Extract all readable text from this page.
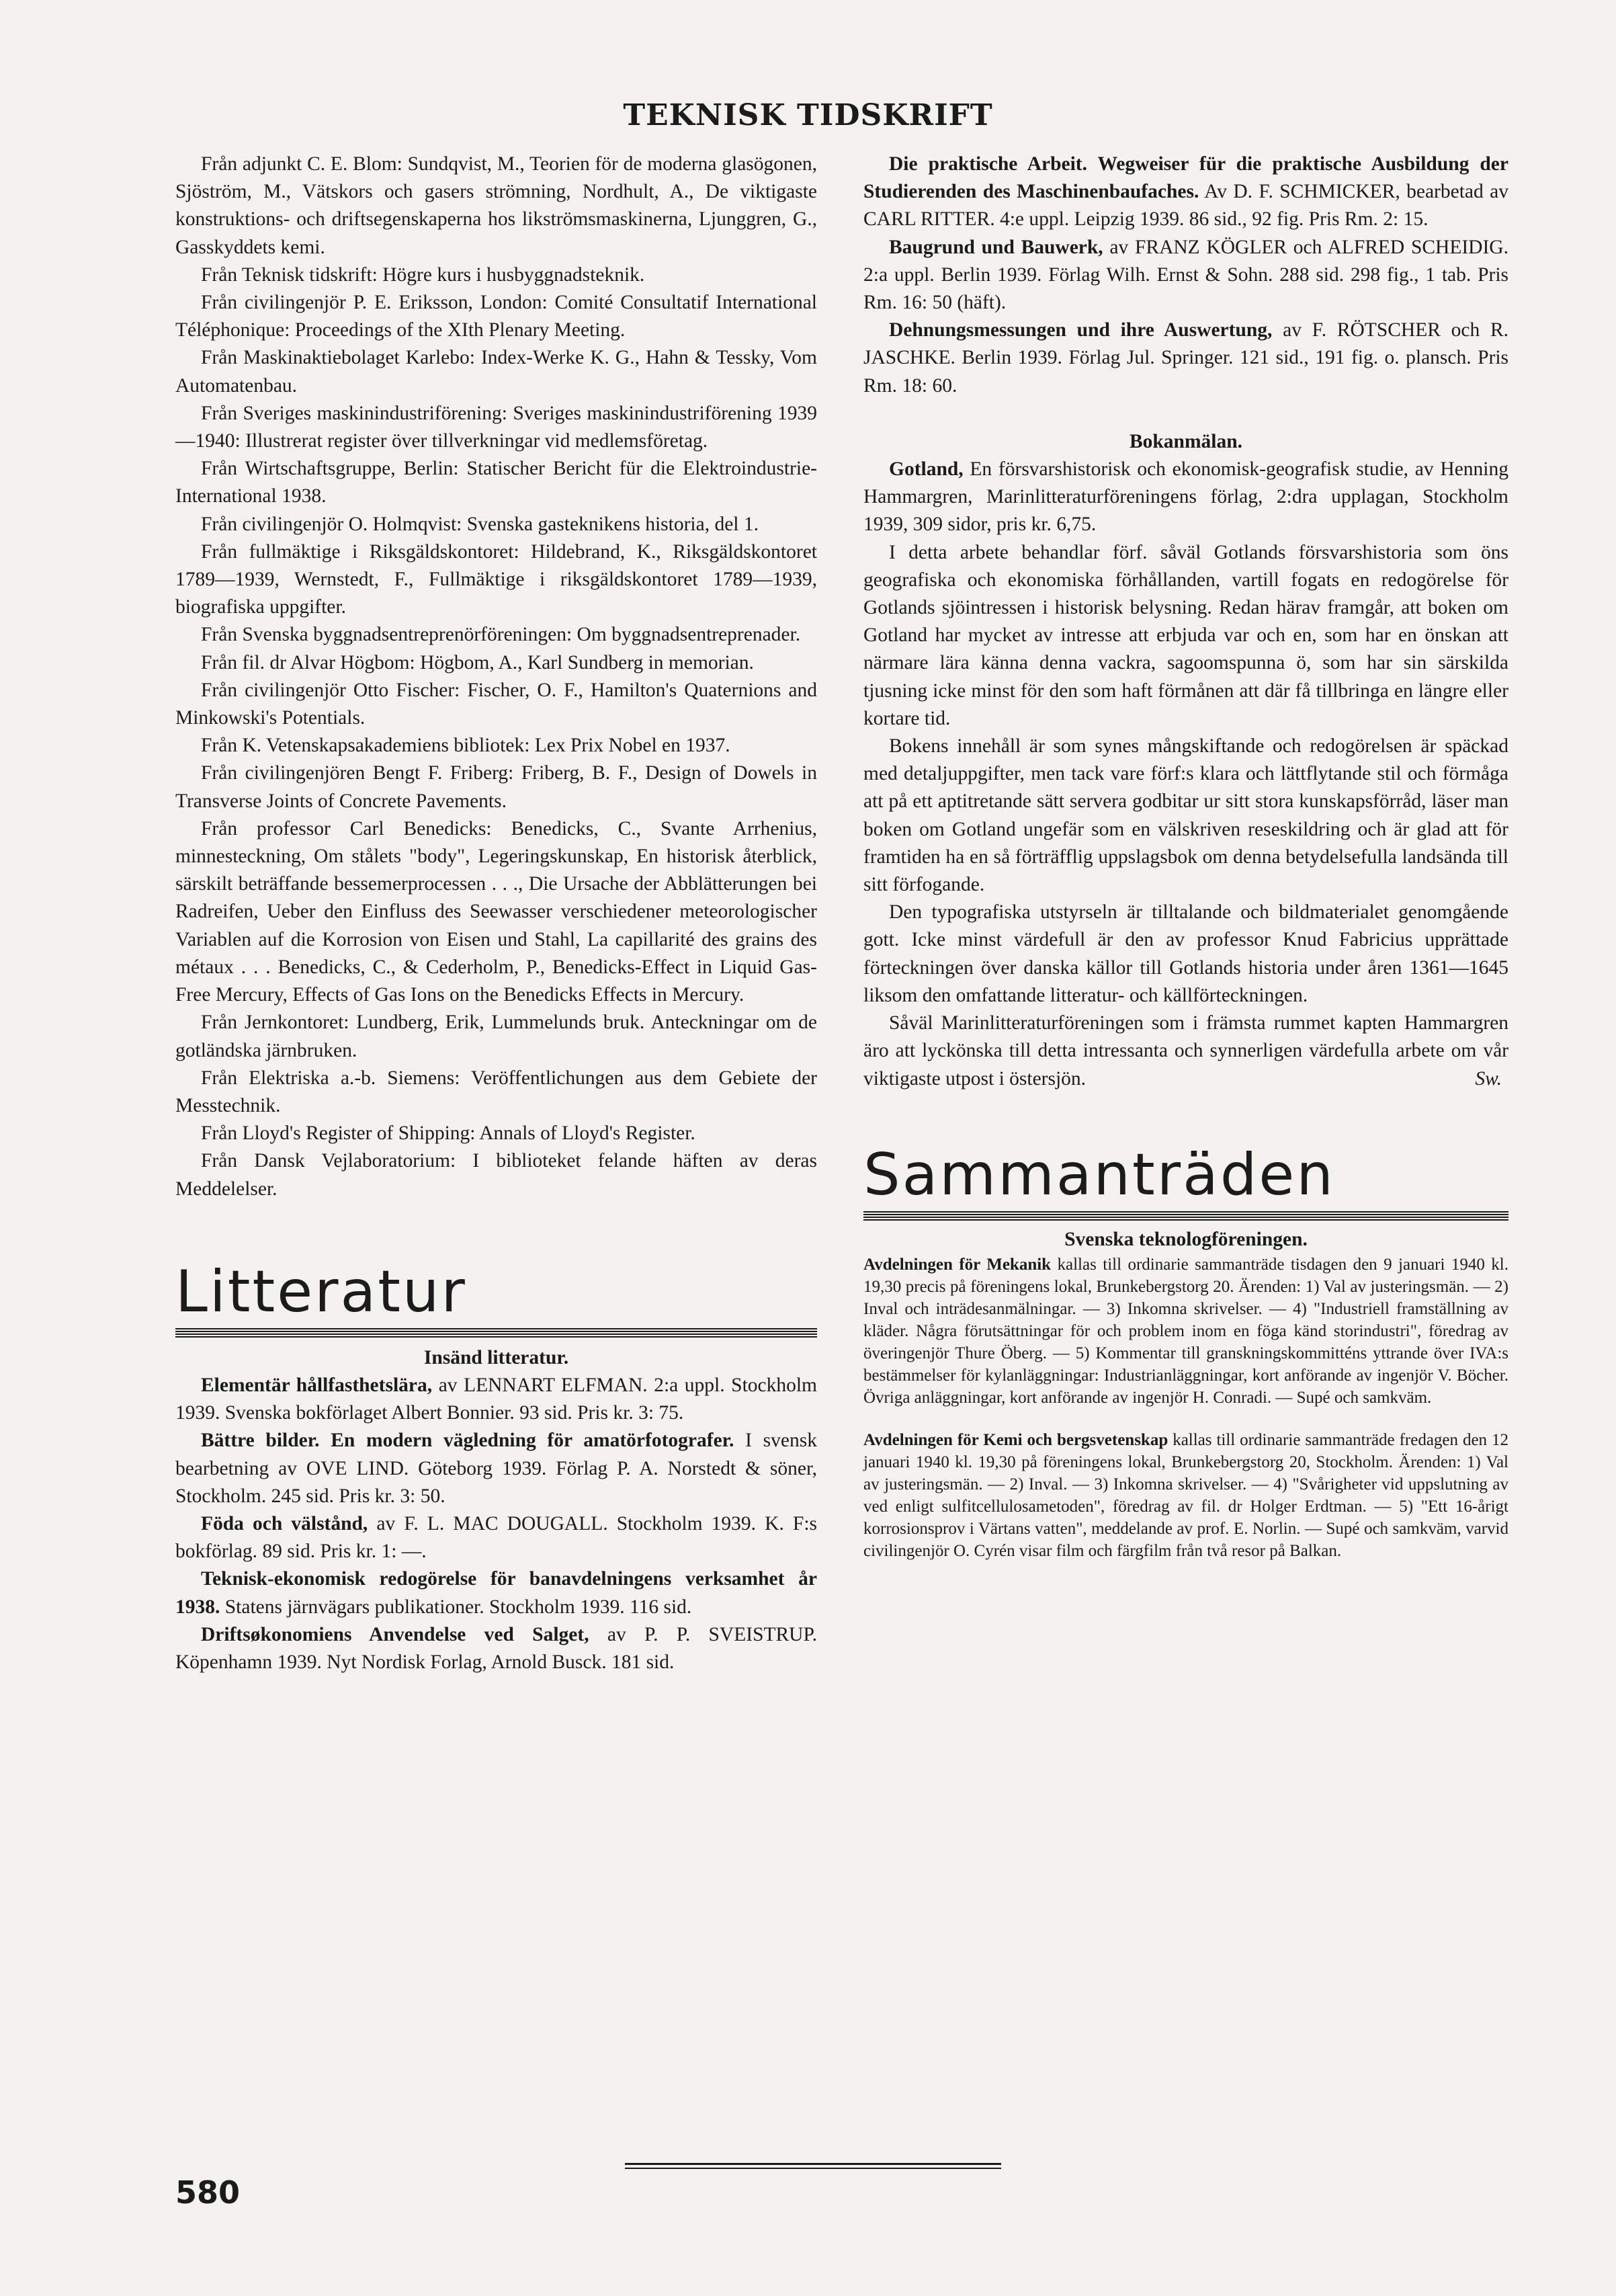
TEKNISK TIDSKRIFT

Från adjunkt C. E. Blom: Sundqvist, M., Teorien för de moderna glasögonen, Sjöström, M., Vätskors och gasers strömning, Nordhult, A., De viktigaste konstruktions- och driftsegenskaperna hos likströmsmaskinerna, Ljunggren, G., Gasskyddets kemi.

Från Teknisk tidskrift: Högre kurs i husbyggnadsteknik.

Från civilingenjör P. E. Eriksson, London: Comité Consultatif International Téléphonique: Proceedings of the XIth Plenary Meeting.

Från Maskinaktiebolaget Karlebo: Index-Werke K. G., Hahn & Tessky, Vom Automatenbau.

Från Sveriges maskinindustriförening: Sveriges maskinindustriförening 1939—1940: Illustrerat register över tillverkningar vid medlemsföretag.

Från Wirtschaftsgruppe, Berlin: Statischer Bericht für die Elektroindustrie-International 1938.

Från civilingenjör O. Holmqvist: Svenska gasteknikens historia, del 1.

Från fullmäktige i Riksgäldskontoret: Hildebrand, K., Riksgäldskontoret 1789—1939, Wernstedt, F., Fullmäktige i riksgäldskontoret 1789—1939, biografiska uppgifter.

Från Svenska byggnadsentreprenörföreningen: Om byggnadsentreprenader.

Från fil. dr Alvar Högbom: Högbom, A., Karl Sundberg in memorian.

Från civilingenjör Otto Fischer: Fischer, O. F., Hamilton's Quaternions and Minkowski's Potentials.

Från K. Vetenskapsakademiens bibliotek: Lex Prix Nobel en 1937.

Från civilingenjören Bengt F. Friberg: Friberg, B. F., Design of Dowels in Transverse Joints of Concrete Pavements.

Från professor Carl Benedicks: Benedicks, C., Svante Arrhenius, minnesteckning, Om stålets "body", Legeringskunskap, En historisk återblick, särskilt beträffande bessemerprocessen . . ., Die Ursache der Abblätterungen bei Radreifen, Ueber den Einfluss des Seewasser verschiedener meteorologischer Variablen auf die Korrosion von Eisen und Stahl, La capillarité des grains des métaux . . . Benedicks, C., & Cederholm, P., Benedicks-Effect in Liquid Gas-Free Mercury, Effects of Gas Ions on the Benedicks Effects in Mercury.

Från Jernkontoret: Lundberg, Erik, Lummelunds bruk. Anteckningar om de gotländska järnbruken.

Från Elektriska a.-b. Siemens: Veröffentlichungen aus dem Gebiete der Messtechnik.

Från Lloyd's Register of Shipping: Annals of Lloyd's Register.

Från Dansk Vejlaboratorium: I biblioteket felande häften av deras Meddelelser.

Litteratur

Insänd litteratur.

Elementär hållfasthetslära, av LENNART ELFMAN. 2:a uppl. Stockholm 1939. Svenska bokförlaget Albert Bonnier. 93 sid. Pris kr. 3: 75.

Bättre bilder. En modern vägledning för amatörfotografer. I svensk bearbetning av OVE LIND. Göteborg 1939. Förlag P. A. Norstedt & söner, Stockholm. 245 sid. Pris kr. 3: 50.

Föda och välstånd, av F. L. MAC DOUGALL. Stockholm 1939. K. F:s bokförlag. 89 sid. Pris kr. 1: —.

Teknisk-ekonomisk redogörelse för banavdelningens verksamhet år 1938. Statens järnvägars publikationer. Stockholm 1939. 116 sid.

Driftsøkonomiens Anvendelse ved Salget, av P. P. SVEISTRUP. Köpenhamn 1939. Nyt Nordisk Forlag, Arnold Busck. 181 sid.

Die praktische Arbeit. Wegweiser für die praktische Ausbildung der Studierenden des Maschinenbaufaches. Av D. F. SCHMICKER, bearbetad av CARL RITTER. 4:e uppl. Leipzig 1939. 86 sid., 92 fig. Pris Rm. 2: 15.

Baugrund und Bauwerk, av FRANZ KÖGLER och ALFRED SCHEIDIG. 2:a uppl. Berlin 1939. Förlag Wilh. Ernst & Sohn. 288 sid. 298 fig., 1 tab. Pris Rm. 16: 50 (häft).

Dehnungsmessungen und ihre Auswertung, av F. RÖTSCHER och R. JASCHKE. Berlin 1939. Förlag Jul. Springer. 121 sid., 191 fig. o. plansch. Pris Rm. 18: 60.

Bokanmälan.

Gotland, En försvarshistorisk och ekonomisk-geografisk studie, av Henning Hammargren, Marinlitteraturföreningens förlag, 2:dra upplagan, Stockholm 1939, 309 sidor, pris kr. 6,75.

I detta arbete behandlar förf. såväl Gotlands försvarshistoria som öns geografiska och ekonomiska förhållanden, vartill fogats en redogörelse för Gotlands sjöintressen i historisk belysning. Redan härav framgår, att boken om Gotland har mycket av intresse att erbjuda var och en, som har en önskan att närmare lära känna denna vackra, sagoomspunna ö, som har sin särskilda tjusning icke minst för den som haft förmånen att där få tillbringa en längre eller kortare tid.

Bokens innehåll är som synes mångskiftande och redogörelsen är späckad med detaljuppgifter, men tack vare förf:s klara och lättflytande stil och förmåga att på ett aptitretande sätt servera godbitar ur sitt stora kunskapsförråd, läser man boken om Gotland ungefär som en välskriven reseskildring och är glad att för framtiden ha en så förträfflig uppslagsbok om denna betydelsefulla landsända till sitt förfogande.

Den typografiska utstyrseln är tilltalande och bildmaterialet genomgående gott. Icke minst värdefull är den av professor Knud Fabricius upprättade förteckningen över danska källor till Gotlands historia under åren 1361—1645 liksom den omfattande litteratur- och källförteckningen.

Såväl Marinlitteraturföreningen som i främsta rummet kapten Hammargren äro att lyckönska till detta intressanta och synnerligen värdefulla arbete om vår viktigaste utpost i östersjön.	Sw.

Sammanträden

Svenska teknologföreningen.

Avdelningen för Mekanik kallas till ordinarie sammanträde tisdagen den 9 januari 1940 kl. 19,30 precis på föreningens lokal, Brunkebergstorg 20. Ärenden: 1) Val av justeringsmän. — 2) Inval och inträdesanmälningar. — 3) Inkomna skrivelser. — 4) "Industriell framställning av kläder. Några förutsättningar för och problem inom en föga känd storindustri", föredrag av överingenjör Thure Öberg. — 5) Kommentar till granskningskommitténs yttrande över IVA:s bestämmelser för kylanläggningar: Industrianläggningar, kort anförande av ingenjör V. Böcher. Övriga anläggningar, kort anförande av ingenjör H. Conradi. — Supé och samkväm.

Avdelningen för Kemi och bergsvetenskap kallas till ordinarie sammanträde fredagen den 12 januari 1940 kl. 19,30 på föreningens lokal, Brunkebergstorg 20, Stockholm. Ärenden: 1) Val av justeringsmän. — 2) Inval. — 3) Inkomna skrivelser. — 4) "Svårigheter vid uppslutning av ved enligt sulfitcellulosametoden", föredrag av fil. dr Holger Erdtman. — 5) "Ett 16-årigt korrosionsprov i Värtans vatten", meddelande av prof. E. Norlin. — Supé och samkväm, varvid civilingenjör O. Cyrén visar film och färgfilm från två resor på Balkan.

580
